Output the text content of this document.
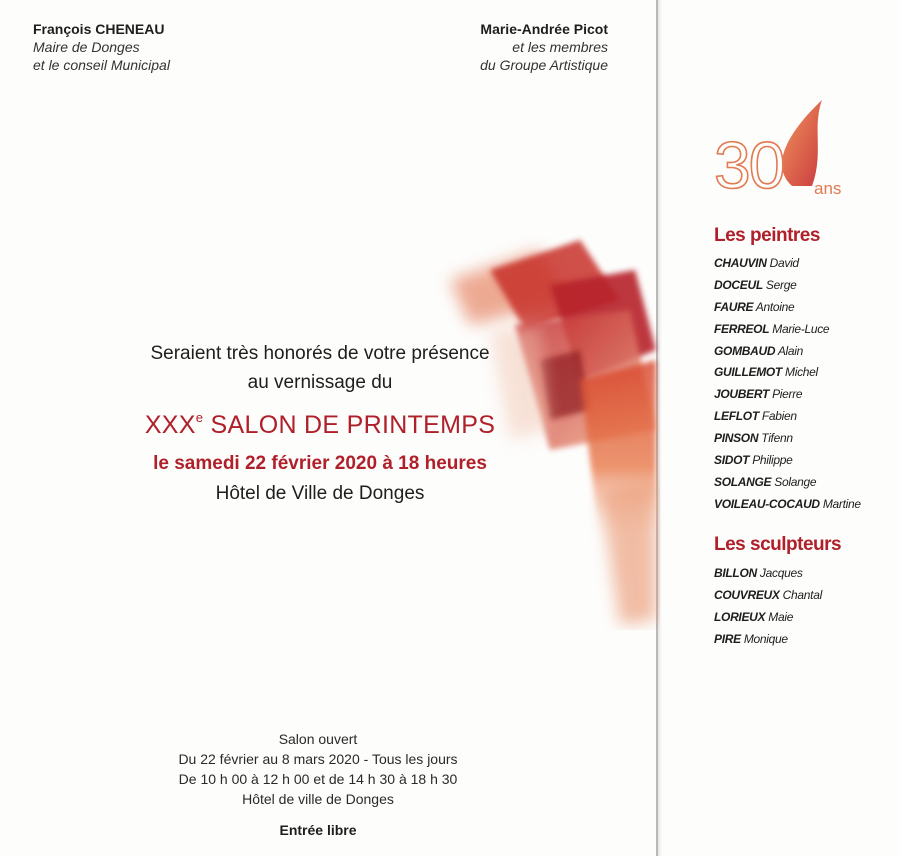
François CHENEAU
Maire de Donges
et le conseil Municipal
Marie-Andrée Picot
et les membres
du Groupe Artistique
Seraient très honorés de votre présence
au vernissage du
XXXe SALON DE PRINTEMPS
le samedi 22 février 2020 à 18 heures
Hôtel de Ville de Donges
Salon ouvert
Du 22 février au 8 mars 2020 - Tous les jours
De 10 h 00 à 12 h 00 et de 14 h 30 à 18 h 30
Hôtel de ville de Donges
Entrée libre
30 ans
Les peintres
CHAUVIN David
DOCEUL Serge
FAURE Antoine
FERREOL Marie-Luce
GOMBAUD Alain
GUILLEMOT Michel
JOUBERT Pierre
LEFLOT Fabien
PINSON Tifenn
SIDOT Philippe
SOLANGE Solange
VOILEAU-COCAUD Martine
Les sculpteurs
BILLON Jacques
COUVREUX Chantal
LORIEUX Maie
PIRE Monique
